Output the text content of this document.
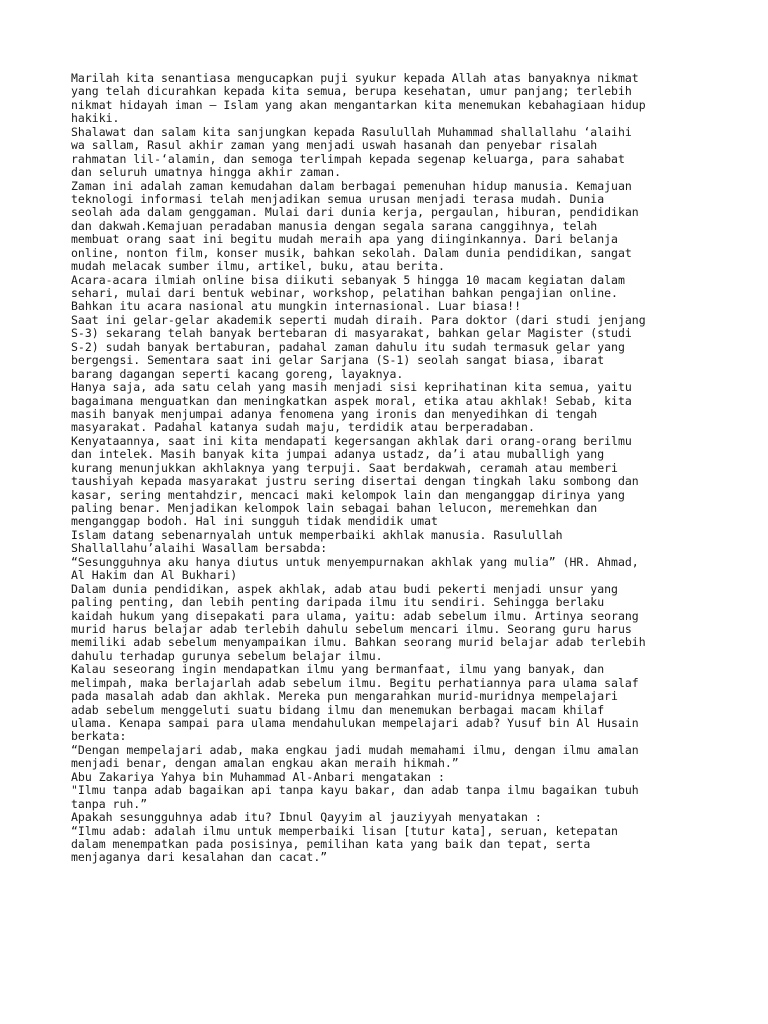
Marilah kita senantiasa mengucapkan puji syukur kepada Allah atas banyaknya nikmat
yang telah dicurahkan kepada kita semua, berupa kesehatan, umur panjang; terlebih
nikmat hidayah iman – Islam yang akan mengantarkan kita menemukan kebahagiaan hidup
hakiki.
Shalawat dan salam kita sanjungkan kepada Rasulullah Muhammad shallallahu ‘alaihi
wa sallam, Rasul akhir zaman yang menjadi uswah hasanah dan penyebar risalah
rahmatan lil-‘alamin, dan semoga terlimpah kepada segenap keluarga, para sahabat
dan seluruh umatnya hingga akhir zaman.
Zaman ini adalah zaman kemudahan dalam berbagai pemenuhan hidup manusia. Kemajuan
teknologi informasi telah menjadikan semua urusan menjadi terasa mudah. Dunia
seolah ada dalam genggaman. Mulai dari dunia kerja, pergaulan, hiburan, pendidikan
dan dakwah.Kemajuan peradaban manusia dengan segala sarana canggihnya, telah
membuat orang saat ini begitu mudah meraih apa yang diinginkannya. Dari belanja
online, nonton film, konser musik, bahkan sekolah. Dalam dunia pendidikan, sangat
mudah melacak sumber ilmu, artikel, buku, atau berita.
Acara-acara ilmiah online bisa diikuti sebanyak 5 hingga 10 macam kegiatan dalam
sehari, mulai dari bentuk webinar, workshop, pelatihan bahkan pengajian online.
Bahkan itu acara nasional atu mungkin internasional. Luar biasa!!
Saat ini gelar-gelar akademik seperti mudah diraih. Para doktor (dari studi jenjang
S-3) sekarang telah banyak bertebaran di masyarakat, bahkan gelar Magister (studi
S-2) sudah banyak bertaburan, padahal zaman dahulu itu sudah termasuk gelar yang
bergengsi. Sementara saat ini gelar Sarjana (S-1) seolah sangat biasa, ibarat
barang dagangan seperti kacang goreng, layaknya.
Hanya saja, ada satu celah yang masih menjadi sisi keprihatinan kita semua, yaitu
bagaimana menguatkan dan meningkatkan aspek moral, etika atau akhlak! Sebab, kita
masih banyak menjumpai adanya fenomena yang ironis dan menyedihkan di tengah
masyarakat. Padahal katanya sudah maju, terdidik atau berperadaban.
Kenyataannya, saat ini kita mendapati kegersangan akhlak dari orang-orang berilmu
dan intelek. Masih banyak kita jumpai adanya ustadz, da’i atau muballigh yang
kurang menunjukkan akhlaknya yang terpuji. Saat berdakwah, ceramah atau memberi
taushiyah kepada masyarakat justru sering disertai dengan tingkah laku sombong dan
kasar, sering mentahdzir, mencaci maki kelompok lain dan menganggap dirinya yang
paling benar. Menjadikan kelompok lain sebagai bahan lelucon, meremehkan dan
menganggap bodoh. Hal ini sungguh tidak mendidik umat
Islam datang sebenarnyalah untuk memperbaiki akhlak manusia. Rasulullah
Shallallahu’alaihi Wasallam bersabda:
“Sesungguhnya aku hanya diutus untuk menyempurnakan akhlak yang mulia” (HR. Ahmad,
Al Hakim dan Al Bukhari)
Dalam dunia pendidikan, aspek akhlak, adab atau budi pekerti menjadi unsur yang
paling penting, dan lebih penting daripada ilmu itu sendiri. Sehingga berlaku
kaidah hukum yang disepakati para ulama, yaitu: adab sebelum ilmu. Artinya seorang
murid harus belajar adab terlebih dahulu sebelum mencari ilmu. Seorang guru harus
memiliki adab sebelum menyampaikan ilmu. Bahkan seorang murid belajar adab terlebih
dahulu terhadap gurunya sebelum belajar ilmu.
Kalau seseorang ingin mendapatkan ilmu yang bermanfaat, ilmu yang banyak, dan
melimpah, maka berlajarlah adab sebelum ilmu. Begitu perhatiannya para ulama salaf
pada masalah adab dan akhlak. Mereka pun mengarahkan murid-muridnya mempelajari
adab sebelum menggeluti suatu bidang ilmu dan menemukan berbagai macam khilaf
ulama. Kenapa sampai para ulama mendahulukan mempelajari adab? Yusuf bin Al Husain
berkata:
“Dengan mempelajari adab, maka engkau jadi mudah memahami ilmu, dengan ilmu amalan
menjadi benar, dengan amalan engkau akan meraih hikmah.”
Abu Zakariya Yahya bin Muhammad Al-Anbari mengatakan :
"Ilmu tanpa adab bagaikan api tanpa kayu bakar, dan adab tanpa ilmu bagaikan tubuh
tanpa ruh.”
Apakah sesungguhnya adab itu? Ibnul Qayyim al jauziyyah menyatakan :
“Ilmu adab: adalah ilmu untuk memperbaiki lisan [tutur kata], seruan, ketepatan
dalam menempatkan pada posisinya, pemilihan kata yang baik dan tepat, serta
menjaganya dari kesalahan dan cacat.”
